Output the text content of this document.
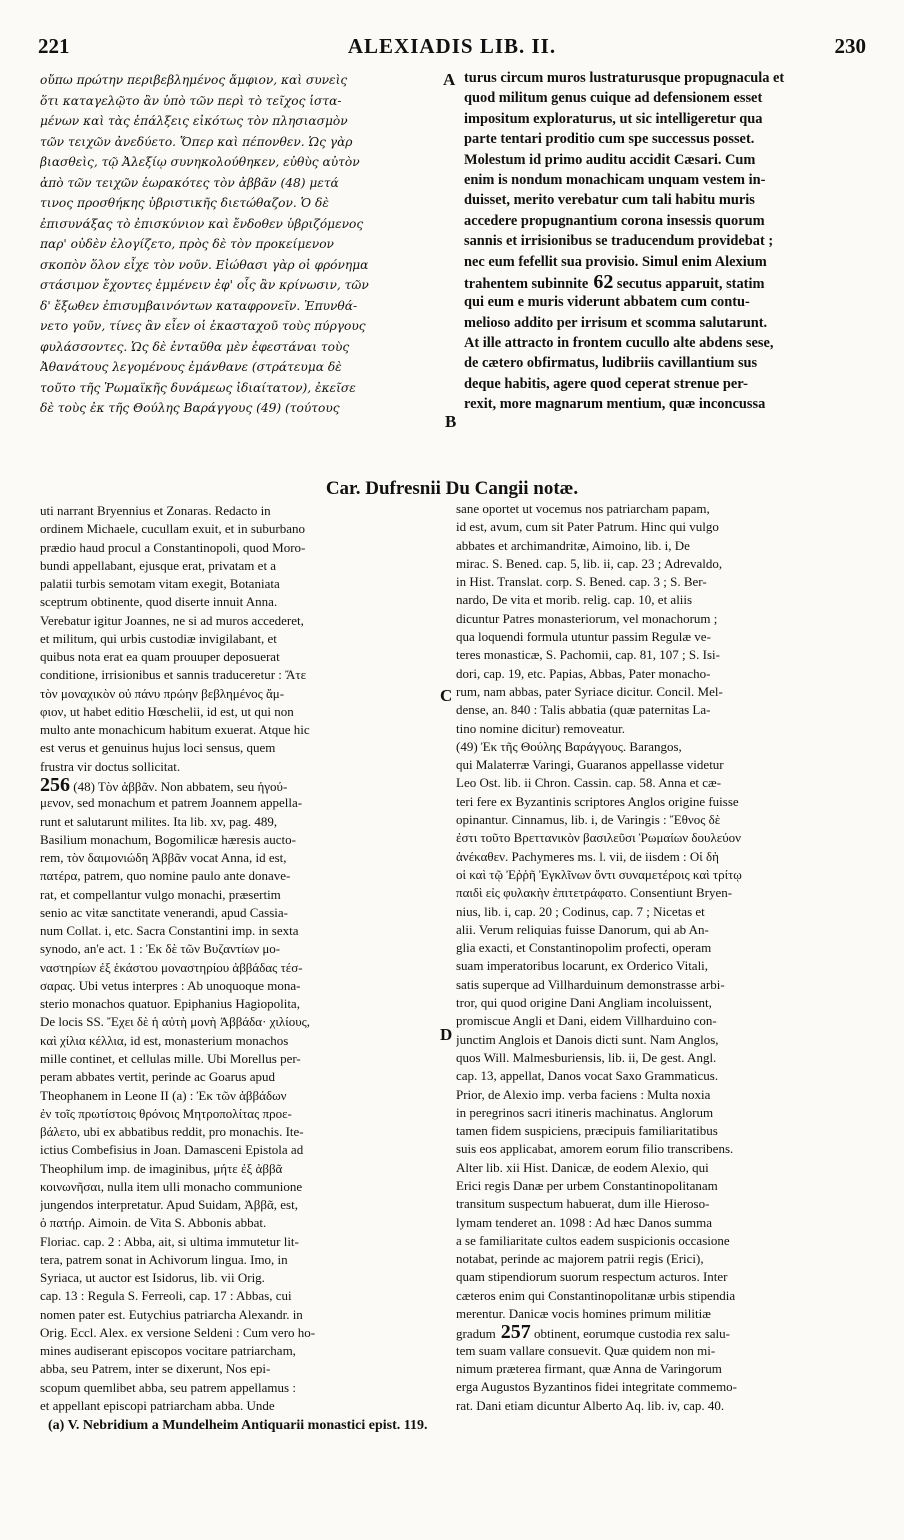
221	ALEXIADIS LIB. II.	230
A
B
C
D
οὔπω πρώτην περιβεβλημένος ἄμφιον, καὶ συνεὶς
ὅτι καταγελῷτο ἂν ὑπὸ τῶν περὶ τὸ τεῖχος ἱστα-
μένων καὶ τὰς ἐπάλξεις εἰκότως τὸν πλησιασμὸν
τῶν τειχῶν ἀνεδύετο. Ὅπερ καὶ πέπονθεν. Ὡς γὰρ
βιασθεὶς, τῷ Ἀλεξίῳ συνηκολούθηκεν, εὐθὺς αὐτὸν
ἀπὸ τῶν τειχῶν ἑωρακότες τὸν ἀββᾶν (48) μετά
τινος προσθήκης ὑβριστικῆς διετώθαζον. Ὁ δὲ
ἐπισυνάξας τὸ ἐπισκύνιον καὶ ἔνδοθεν ὑβριζόμενος
παρ' οὐδὲν ἐλογίζετο, πρὸς δὲ τὸν προκείμενον
σκοπὸν ὅλον εἶχε τὸν νοῦν. Εἰώθασι γὰρ οἱ φρόνημα
στάσιμον ἔχοντες ἐμμένειν ἐφ' οἷς ἂν κρίνωσιν, τῶν
δ' ἔξωθεν ἐπισυμβαινόντων καταφρονεῖν. Ἐπυνθά-
νετο γοῦν, τίνες ἂν εἶεν οἱ ἑκασταχοῦ τοὺς πύργους
φυλάσσοντες. Ὡς δὲ ἐνταῦθα μὲν ἐφεστάναι τοὺς
Ἀθανάτους λεγομένους ἐμάνθανε (στράτευμα δὲ
τοῦτο τῆς Ῥωμαϊκῆς δυνάμεως ἰδιαίτατον), ἐκεῖσε
δὲ τοὺς ἐκ τῆς Θούλης Βαράγγους (49) (τούτους
turus circum muros lustraturusque propugnacula et
quod militum genus cuique ad defensionem esset
impositum exploraturus, ut sic intelligeretur qua
parte tentari proditio cum spe successus posset.
Molestum id primo auditu accidit Cæsari. Cum
enim is nondum monachicam unquam vestem in-
duisset, merito verebatur cum tali habitu muris
accedere propugnantium corona insessis quorum
sannis et irrisionibus se traducendum providebat ;
nec eum fefellit sua provisio. Simul enim Alexium
trahentem subinnite 62 secutus apparuit, statim
qui eum e muris viderunt abbatem cum contu-
melioso addito per irrisum et scomma salutarunt.
At ille attracto in frontem cucullo alte abdens sese,
de cætero obfirmatus, ludibriis cavillantium sus
deque habitis, agere quod ceperat strenue per-
rexit, more magnarum mentium, quæ inconcussa
Car. Dufresnii Du Cangii notæ.
uti narrant Bryennius et Zonaras. Redacto in
ordinem Michaele, cucullam exuit, et in suburbano
prædio haud procul a Constantinopoli, quod Moro-
bundi appellabant, ejusque erat, privatam et a
palatii turbis semotam vitam exegit, Botaniata
sceptrum obtinente, quod diserte innuit Anna.
Verebatur igitur Joannes, ne si ad muros accederet,
et militum, qui urbis custodiæ invigilabant, et
quibus nota erat ea quam prouuper deposuerat
conditione, irrisionibus et sannis traduceretur : Ἄτε
τὸν μοναχικὸν οὐ πάνυ πρώην βεβλημένος ἄμ-
φιον, ut habet editio Hœschelii, id est, ut qui non
multo ante monachicum habitum exuerat. Atque hic
est verus et genuinus hujus loci sensus, quem
frustra vir doctus sollicitat.
256 (48) Τὸν ἀββᾶν. Non abbatem, seu ἡγού-
μενον, sed monachum et patrem Joannem appella-
runt et salutarunt milites. Ita lib. xv, pag. 489,
Basilium monachum, Bogomilicæ hæresis auctο-
rem, τὸν δαιμονιώδη Ἀββᾶν vocat Anna, id est,
πατέρα, patrem, quo nomine paulo ante donave-
rat, et compellantur vulgo monachi, præsertim
senio ac vitæ sanctitate venerandi, apud Cassia-
num Collat. i, etc. Sacra Constantini imp. in sexta
synodo, an'e act. 1 : Ἐκ δὲ τῶν Βυζαντίων μο-
ναστηρίων ἐξ ἑκάστου μοναστηρίου ἀββάδας τέσ-
σαρας. Ubi vetus interpres : Ab unoquoque mona-
sterio monachos quatuor. Epiphanius Hagiopolita,
De locis SS. Ἔχει δὲ ἡ αὐτὴ μονὴ Ἀββάδα· χιλίους,
καὶ χίλια κέλλια, id est, monasterium monachos
mille continet, et cellulas mille. Ubi Morellus per-
peram abbates vertit, perinde ac Goarus apud
Theophanem in Leone II (a) : Ἐκ τῶν ἀββάδων
ἐν τοῖς πρωτίστοις θρόνοις Μητροπολίτας προε-
βάλετο, ubi ex abbatibus reddit, pro monachis. Ite-
ictius Combefisius in Joan. Damasceni Epistola ad
Theophilum imp. de imaginibus, μήτε ἐξ ἀββᾶ
κοινωνῆσαι, nulla item ulli monacho communione
jungendos interpretatur. Apud Suidam, Ἀββᾶ, est,
ὁ πατήρ. Aimoin. de Vita S. Abbonis abbat.
Floriac. cap. 2 : Abba, ait, si ultima immutetur lit-
tera, patrem sonat in Achivorum lingua. Imo, in
Syriaca, ut auctor est Isidorus, lib. vii Orig.
cap. 13 : Regula S. Ferreoli, cap. 17 : Abbas, cui
nomen pater est. Eutychius patriarcha Alexandr. in
Orig. Eccl. Alex. ex versione Seldeni : Cum vero ho-
mines audiserant episcopos vocitare patriarcham,
abba, seu Patrem, inter se dixerunt, Nos epi-
scopum quemlibet abba, seu patrem appellamus :
et appellant episcopi patriarcham abba. Unde
sane oportet ut vocemus nos patriarcham papam,
id est, avum, cum sit Pater Patrum. Hinc qui vulgo
abbates et archimandritæ, Aimoino, lib. i, De
mirac. S. Bened. cap. 5, lib. ii, cap. 23 ; Adrevaldo,
in Hist. Translat. corp. S. Bened. cap. 3 ; S. Ber-
nardo, De vita et morib. relig. cap. 10, et aliis
dicuntur Patres monasteriorum, vel monachorum ;
qua loquendi formula utuntur passim Regulæ ve-
teres monasticæ, S. Pachomii, cap. 81, 107 ; S. Isi-
dori, cap. 19, etc. Papias, Abbas, Pater monacho-
rum, nam abbas, pater Syriace dicitur. Concil. Mel-
dense, an. 840 : Talis abbatia (quæ paternitas La-
tino nomine dicitur) removeatur.
(49) Ἐκ τῆς Θούλης Βαράγγους. Barangos,
qui Malaterræ Varingi, Guaranos appellasse videtur
Leo Ost. lib. ii Chron. Cassin. cap. 58. Anna et cæ-
teri fere ex Byzantinis scriptores Anglos origine fuisse
opinantur. Cinnamus, lib. i, de Varingis : Ἔθνος δὲ
ἐστι τοῦτο Βρεττανικὸν βασιλεῦσι Ῥωμαίων δουλεύον
ἀνέκαθεν. Pachymeres ms. l. vii, de iisdem : Οἱ δὴ
οἱ καὶ τῷ Ἐῤῥῆ Ἐγκλῖνων ὄντι συναμετέροις καὶ τρίτῳ
παιδὶ εἰς φυλακὴν ἐπιτετράφατο. Consentiunt Bryen-
nius, lib. i, cap. 20 ; Codinus, cap. 7 ; Nicetas et
alii. Verum reliquias fuisse Danorum, qui ab An-
glia exacti, et Constantinopolim profecti, operam
suam imperatoribus locarunt, ex Orderico Vitali,
satis superque ad Villharduinum demonstrasse arbi-
tror, qui quod origine Dani Angliam incoluissent,
promiscue Angli et Dani, eidem Villharduino con-
junctim Anglois et Danois dicti sunt. Nam Anglos,
quos Will. Malmesburiensis, lib. ii, De gest. Angl.
cap. 13, appellat, Danos vocat Saxo Grammaticus.
Prior, de Alexio imp. verba faciens : Multa noxia
in peregrinos sacri itineris machinatus. Anglorum
tamen fidem suspiciens, præcipuis familiaritatibus
suis eos applicabat, amorem eorum filio transcribens.
Alter lib. xii Hist. Danicæ, de eodem Alexio, qui
Erici regis Danæ per urbem Constantinopolitanam
transitum suspectum habuerat, dum ille Hieroso-
lymam tenderet an. 1098 : Ad hæc Danos summa
a se familiaritate cultos eadem suspicionis occasione
notabat, perinde ac majorem patrii regis (Erici),
quam stipendiorum suorum respectum acturos. Inter
cæteros enim qui Constantinopolitanæ urbis stipendia
merentur. Danicæ vocis homines primum militiæ
gradum 257 obtinent, eorumque custodia rex salu-
tem suam vallare consuevit. Quæ quidem non mi-
nimum præterea firmant, quæ Anna de Varingorum
erga Augustos Byzantinos fidei integritate commemo-
rat. Dani etiam dicuntur Alberto Aq. lib. iv, cap. 40.
(a) V. Nebridium a Mundelheim Antiquarii monastici epist. 119.
